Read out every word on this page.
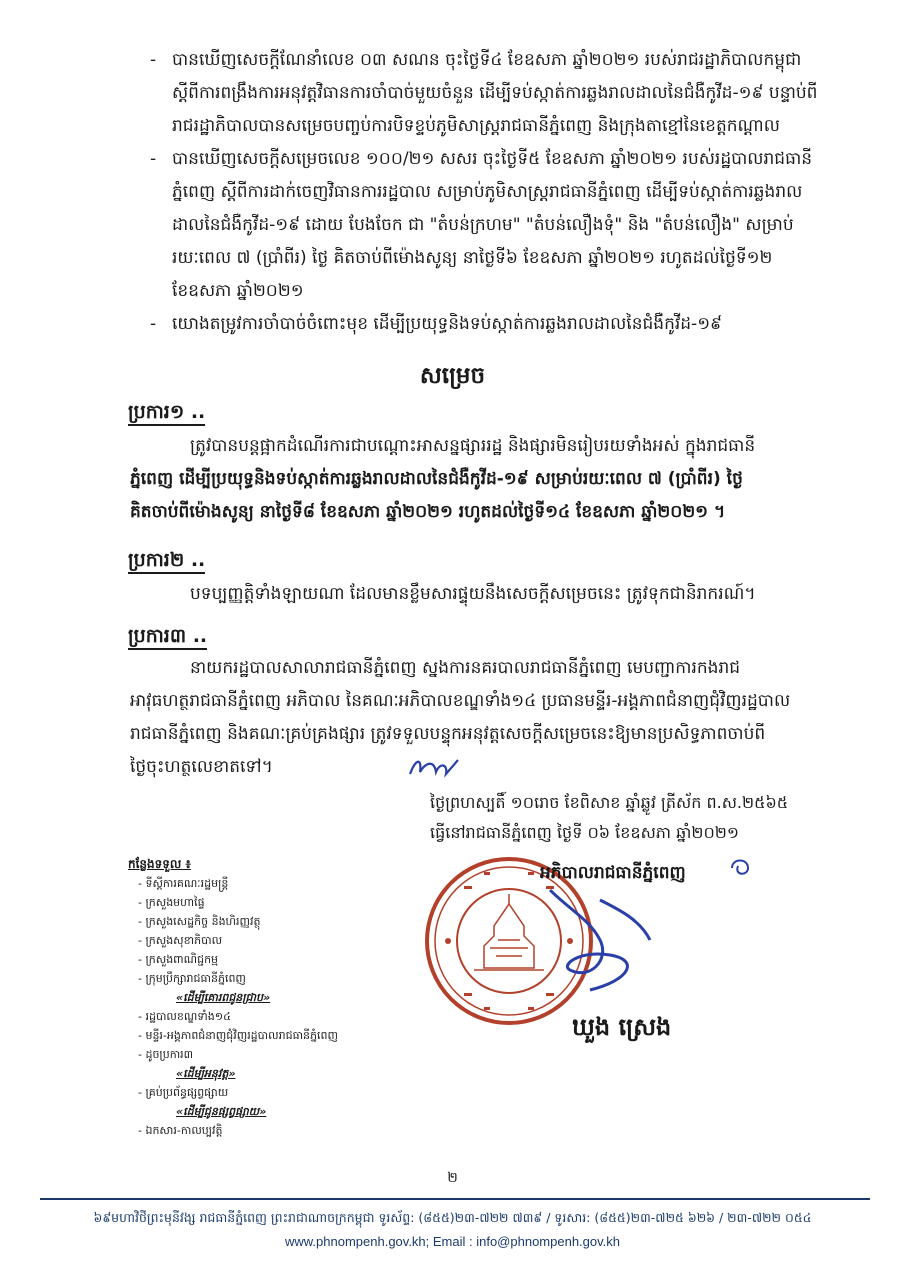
- បានឃើញសេចក្តីណែនាំលេខ ០៣ សណន ចុះថ្ងៃទី៤ ខែឧសភា ឆ្នាំ២០២១ របស់រាជរដ្ឋាភិបាលកម្ពុជា
ស្តីពីការពង្រឹងការអនុវត្តវិធានការចាំបាច់មួយចំនួន ដើម្បីទប់ស្កាត់ការឆ្លងរាលដាលនៃជំងឺកូវីដ-១៩ បន្ទាប់ពី
រាជរដ្ឋាភិបាលបានសម្រេចបញ្ចប់ការបិទខ្ទប់ភូមិសាស្ត្ររាជធានីភ្នំពេញ និងក្រុងតាខ្មៅនៃខេត្តកណ្តាល
- បានឃើញសេចក្តីសម្រេចលេខ ១០០/២១ សសរ ចុះថ្ងៃទី៥ ខែឧសភា ឆ្នាំ២០២១ របស់រដ្ឋបាលរាជធានី
ភ្នំពេញ ស្តីពីការដាក់ចេញវិធានការរដ្ឋបាល សម្រាប់ភូមិសាស្ត្ររាជធានីភ្នំពេញ ដើម្បីទប់ស្កាត់ការឆ្លងរាល
ដាលនៃជំងឺកូវីដ-១៩ ដោយ បែងចែក ជា "តំបន់ក្រហម" "តំបន់លឿងទុំ" និង "តំបន់លឿង" សម្រាប់
រយៈពេល ៧ (ប្រាំពីរ) ថ្ងៃ គិតចាប់ពីម៉ោងសូន្យ នាថ្ងៃទី៦ ខែឧសភា ឆ្នាំ២០២១ រហូតដល់ថ្ងៃទី១២
ខែឧសភា ឆ្នាំ២០២១
- យោងតម្រូវការចាំបាច់ចំពោះមុខ ដើម្បីប្រយុទ្ធនិងទប់ស្កាត់ការឆ្លងរាលដាលនៃជំងឺកូវីដ-១៩
សម្រេច
ប្រការ១ ..
ត្រូវបានបន្តផ្អាកដំណើរការជាបណ្តោះអាសន្នផ្សាររដ្ឋ និងផ្សារមិនរៀបរយទាំងអស់ ក្នុងរាជធានី
ភ្នំពេញ ដើម្បីប្រយុទ្ធនិងទប់ស្កាត់ការឆ្លងរាលដាលនៃជំងឺកូវីដ-១៩ សម្រាប់រយៈពេល ៧ (ប្រាំពីរ) ថ្ងៃ
គិតចាប់ពីម៉ោងសូន្យ នាថ្ងៃទី៨ ខែឧសភា ឆ្នាំ២០២១ រហូតដល់ថ្ងៃទី១៤ ខែឧសភា ឆ្នាំ២០២១ ។
ប្រការ២ ..
បទប្បញ្ញត្តិទាំងឡាយណា ដែលមានខ្លឹមសារផ្ទុយនឹងសេចក្តីសម្រេចនេះ ត្រូវទុកជានិរាករណ៍។
ប្រការ៣ ..
នាយករដ្ឋបាលសាលារាជធានីភ្នំពេញ ស្នងការនគរបាលរាជធានីភ្នំពេញ មេបញ្ជាការកងរាជ
អាវុធហត្ថរាជធានីភ្នំពេញ អភិបាល នៃគណៈអភិបាលខណ្ឌទាំង១៤ ប្រធានមន្ទីរ-អង្គភាពជំនាញជុំវិញរដ្ឋបាល
រាជធានីភ្នំពេញ និងគណៈគ្រប់គ្រងផ្សារ ត្រូវទទួលបន្ទុកអនុវត្តសេចក្តីសម្រេចនេះឱ្យមានប្រសិទ្ធភាពចាប់ពី
ថ្ងៃចុះហត្ថលេខាតទៅ។
ថ្ងៃព្រហស្បតិ៍ ១០រោច ខែពិសាខ ឆ្នាំឆ្លូវ ត្រីស័ក ព.ស.២៥៦៥
ធ្វើនៅរាជធានីភ្នំពេញ ថ្ងៃទី ០៦ ខែឧសភា ឆ្នាំ២០២១
កន្លែងទទួល ៖
- ទីស្តីការគណៈរដ្ឋមន្ត្រី
- ក្រសួងមហាផ្ទៃ
- ក្រសួងសេដ្ឋកិច្ច និងហិរញ្ញវត្ថុ
- ក្រសួងសុខាភិបាល
- ក្រសួងពាណិជ្ជកម្ម
- ក្រុមប្រឹក្សារាជធានីភ្នំពេញ
«ដើម្បីគោរពជូនជ្រាប»
- រដ្ឋបាលខណ្ឌទាំង១៤
- មន្ទីរ-អង្គភាពជំនាញជុំវិញរដ្ឋបាលរាជធានីភ្នំពេញ
- ដូចប្រការ៣
«ដើម្បីអនុវត្ត»
- គ្រប់ប្រព័ន្ធផ្សព្វផ្សាយ
«ដើម្បីជូនផ្សព្វផ្សាយ»
- ឯកសារ-កាលប្បវត្តិ
អភិបាលរាជធានីភ្នំពេញ
ឃួង ស្រេង
២
៦៩មហាវិថីព្រះមុនីវង្ស រាជធានីភ្នំពេញ ព្រះរាជាណាចក្រកម្ពុជា ទូរស័ព្ទ: (៨៥៥)២៣-៧២២ ៧៣៩ / ទូរសារ: (៨៥៥)២៣-៧២៥ ៦២៦ / ២៣-៧២២ ០៥៤
www.phnompenh.gov.kh; Email : info@phnompenh.gov.kh
